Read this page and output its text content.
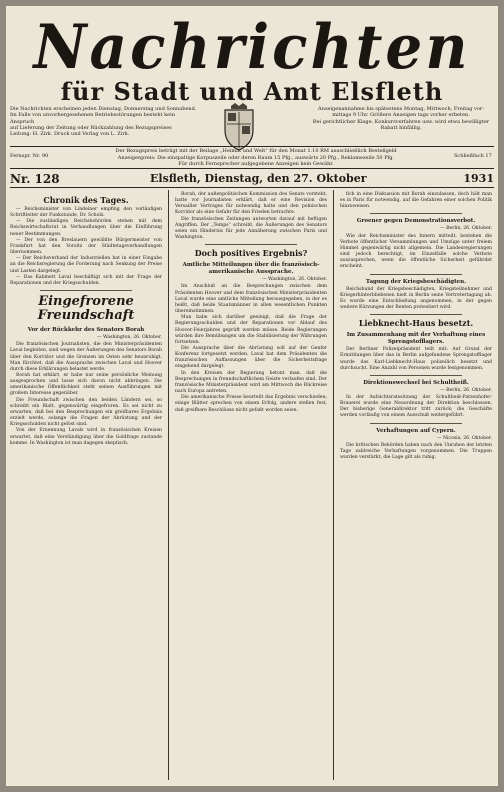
Nachrichten
für Stadt und Amt Elsfleth
Die Nachrichten erscheinen jeden Dienstag, Donnerstag und Sonnabend.
Im Falle von unvorhergesehenen Betriebsstörungen besteht kein Anspruch
auf Lieferung der Zeitung oder Rückzahlung des Bezugspreises
Leitung: H. Zirk. Druck und Verlag von L. Zirk.
Anzeigenannahme bis spätestens Montag, Mittwoch, Freitag vor-
mittags 9 Uhr. Größere Anzeigen tags vorher erbeten.
Bei gerichtlicher Klage, Konkursverfahren usw. wird etwa bewilligter
Rabatt hinfällig.
Fernspr. Nr. 90
Der Bezugspreis beträgt mit der Beilage „Heimat und Welt“ für den Monat 1.10 RM ausschließlich Bestellgeld
Anzeigenpreis: Die einspaltige Korpuszeile oder deren Raum 15 Pfg., auswärts 20 Pfg., Reklamezeile 50 Pfg.
Für durch Fernsprecher aufgegebene Anzeigen kein Gewähr.
Schließfach 17
Nr. 128	Elsfleth, Dienstag, den 27. Oktober	1931
Chronik des Tages.

— Reichsminister von Lindeiner empfing den vorläufigen Schriftleiter der Funkstunde, Dr. Scholz.

— Die zuständigen Reichsbehörden stehen mit dem Reichswirtschaftsrat in Verhandlungen über die Einführung neuer Bestimmungen.

— Der von den Breslauern gewählte Bürgermeister von Frankfurt hat den Vorsitz der Städtetagsverhandlungen übernommen.

— Der Reichsverband der Industriellen hat in einer Eingabe an die Reichsregierung die Forderung nach Senkung der Preise und Lasten dargelegt.

— Das Kabinett Laval beschäftigt sich mit der Frage der Reparationen und der Kriegsschulden.

Eingefrorene Freundschaft
Vor der Rückkehr des Senators Borah
— Washington, 26. Oktober.

Die französischen Journalisten, die den Ministerpräsidenten Laval begleiten, sind wegen der Äußerungen des Senators Borah über den Korridor und die Grenzen im Osten sehr beunruhigt. Man fürchtet, daß die Aussprache zwischen Laval und Hoover durch diese Erklärungen belastet werde.

Borah hat erklärt, er habe nur seine persönliche Meinung ausgesprochen und lasse sich davon nicht abbringen. Die amerikanische Öffentlichkeit steht seinen Ausführungen mit großem Interesse gegenüber.

Die Freundschaft zwischen den beiden Ländern sei, so schreibt ein Blatt, gegenwärtig eingefroren. Es sei nicht zu erwarten, daß bei den Besprechungen ein greifbares Ergebnis erzielt werde, solange die Fragen der Abrüstung und der Kriegsschulden nicht gelöst sind.

Von der Ernennung Lavals wird in französischen Kreisen erwartet, daß eine Verständigung über die Goldfrage zustande komme. In Washington ist man dagegen skeptisch.

Borah, der außenpolitischen Kommission des Senats vorsteht, hatte vor Journalisten erklärt, daß er eine Revision des Versailler Vertrages für notwendig halte und den polnischen Korridor als eine Gefahr für den Frieden betrachte.

Die französischen Zeitungen antworten darauf mit heftigen Angriffen. Der „Temps“ schreibt, die Äußerungen des Senators seien ein Hindernis für jede Annäherung zwischen Paris und Washington.

Doch positives Ergebnis?
Amtliche Mitteilungen über die französisch-amerikanische Aussprache.
— Washington, 26. Oktober.

Im Anschluß an die Besprechungen zwischen dem Präsidenten Hoover und dem französischen Ministerpräsidenten Laval wurde eine amtliche Mitteilung herausgegeben, in der es heißt, daß beide Staatsmänner in allen wesentlichen Punkten übereinstimmen.

Man habe sich darüber geeinigt, daß die Frage der Regierungsschulden und der Reparationen vor Ablauf des Hoover-Feierjahres geprüft werden müsse. Beide Regierungen würden ihre Bemühungen um die Stabilisierung der Währungen fortsetzen.

Die Aussprache über die Abrüstung soll auf der Genfer Konferenz fortgesetzt werden. Laval hat dem Präsidenten die französischen Auffassungen über die Sicherheitsfrage eingehend dargelegt.

In den Kreisen der Regierung betont man, daß die Besprechungen in freundschaftlichem Geiste verlaufen sind. Der französische Ministerpräsident wird am Mittwoch die Rückreise nach Europa antreten.

Die amerikanische Presse beurteilt das Ergebnis verschieden; einige Blätter sprechen von einem Erfolg, andere stellen fest, daß greifbare Beschlüsse nicht gefaßt worden seien.

fich in eine Diskussion mit Borah einzulassen, doch hält man es in Paris für notwendig, auf die Gefahren einer solchen Politik hinzuweisen.

Groener gegen Demonstrationsverbot.
— Berlin, 26. Oktober.

Wie der Reichsminister des Innern mitteilt, bestehen die Verbote öffentlicher Versammlungen und Umzüge unter freiem Himmel gegenwärtig nicht allgemein. Die Landesregierungen sind jedoch berechtigt, im Einzelfalle solche Verbote auszusprechen, wenn die öffentliche Sicherheit gefährdet erscheint.

Tagung der Kriegsbeschädigten.

Reichsbund der Kriegsbeschädigten, Kriegsteilnehmer und Kriegerhinterbliebenen hielt in Berlin seine Vertretertagung ab. Es wurde eine Entschließung angenommen, in der gegen weitere Kürzungen der Renten protestiert wird.

Liebknecht-Haus besetzt.
Im Zusammenhang mit der Verhaftung eines Sprengstofflagers.

Der Berliner Polizeipräsident teilt mit: Auf Grund der Ermittlungen über das in Berlin aufgefundene Sprengstofflager wurde das Karl-Liebknecht-Haus polizeilich besetzt und durchsucht. Eine Anzahl von Personen wurde festgenommen.

Direktionswechsel bei Schultheiß.
— Berlin, 26. Oktober.

In der Aufsichtsratssitzung der Schultheiß-Patzenhofer-Brauerei wurde eine Neuordnung der Direktion beschlossen. Der bisherige Generaldirektor tritt zurück; die Geschäfte werden vorläufig von einem Ausschuß weitergeführt.

Verhaftungen auf Cypern.
— Nicosia, 26. Oktober.

Die britischen Behörden haben nach den Unruhen der letzten Tage zahlreiche Verhaftungen vorgenommen. Die Truppen wurden verstärkt, die Lage gilt als ruhig.
